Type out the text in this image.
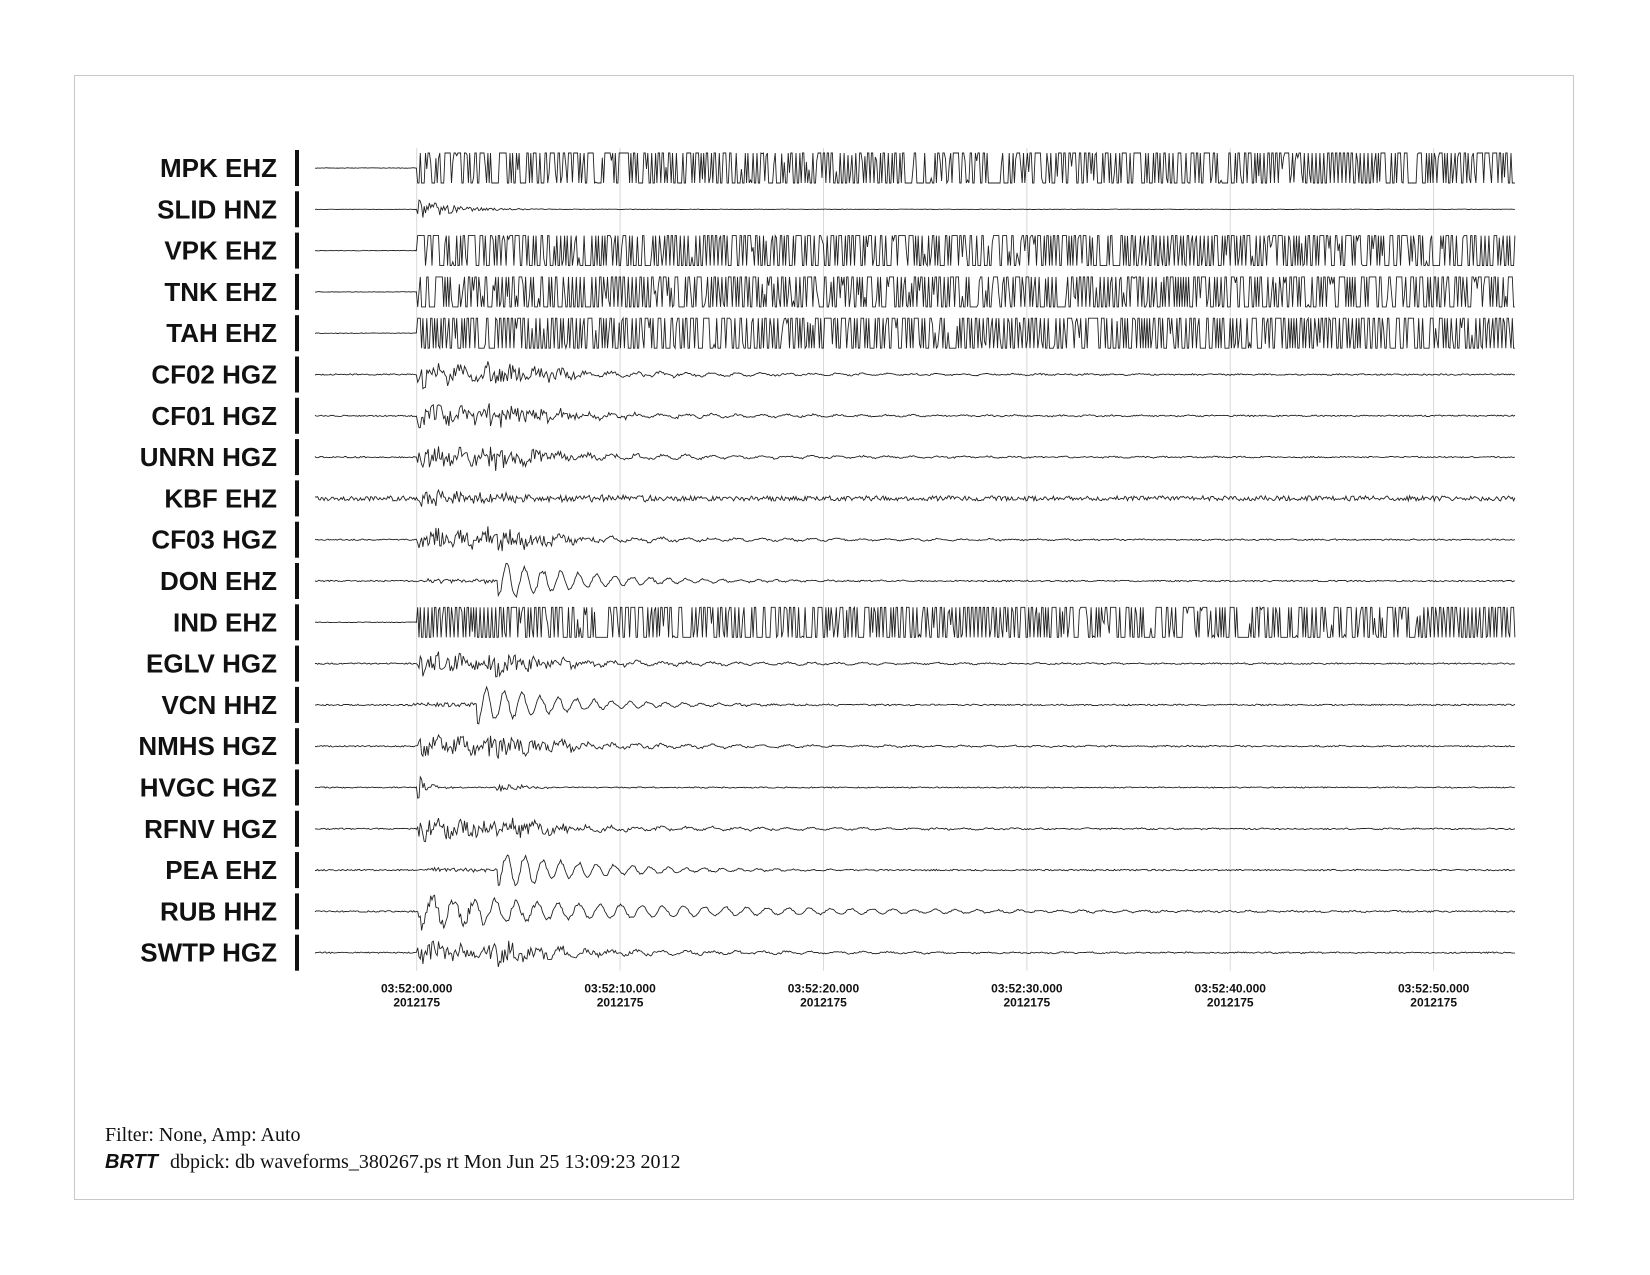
MPK EHZ
SLID HNZ
VPK EHZ
TNK EHZ
TAH EHZ
CF02 HGZ
CF01 HGZ
UNRN HGZ
KBF EHZ
CF03 HGZ
DON EHZ
IND EHZ
EGLV HGZ
VCN HHZ
NMHS HGZ
HVGC HGZ
RFNV HGZ
PEA EHZ
RUB HHZ
SWTP HGZ
03:52:00.000
2012175
03:52:10.000
2012175
03:52:20.000
2012175
03:52:30.000
2012175
03:52:40.000
2012175
03:52:50.000
2012175
Filter: None, Amp: Auto
BRTT dbpick: db waveforms_380267.ps rt Mon Jun 25 13:09:23 2012
